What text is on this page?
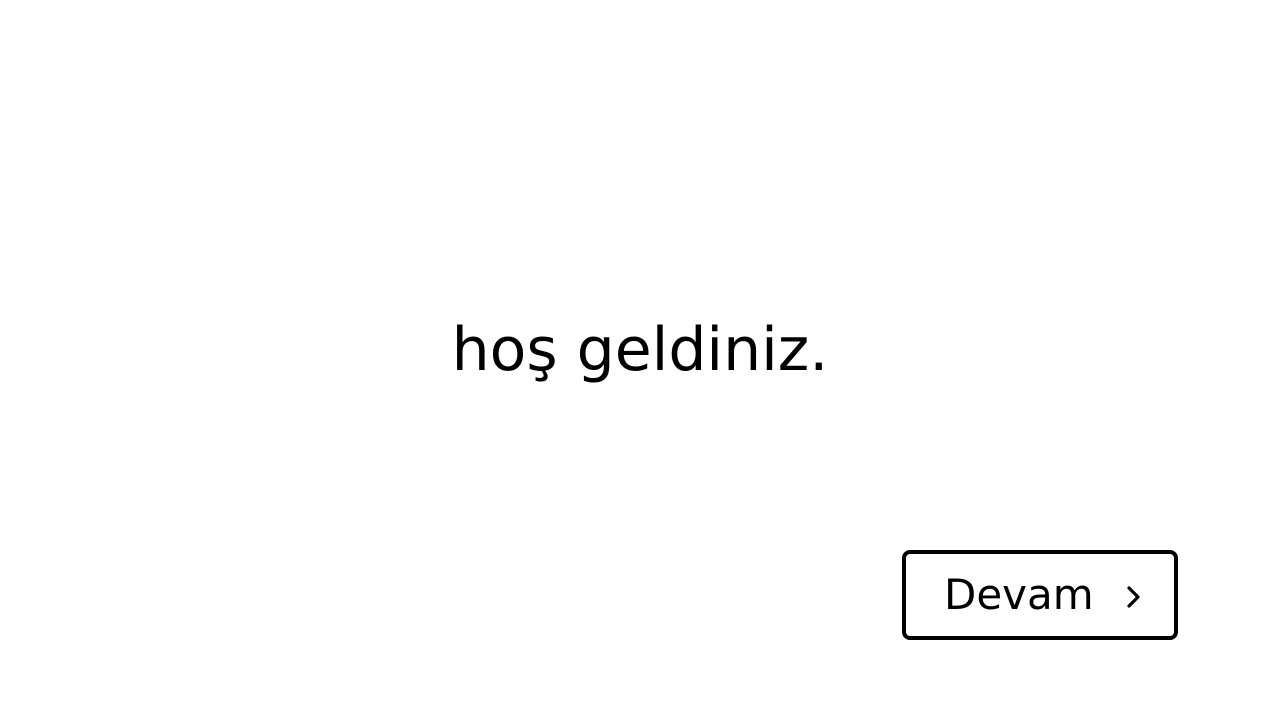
hoş geldiniz.
Devam
